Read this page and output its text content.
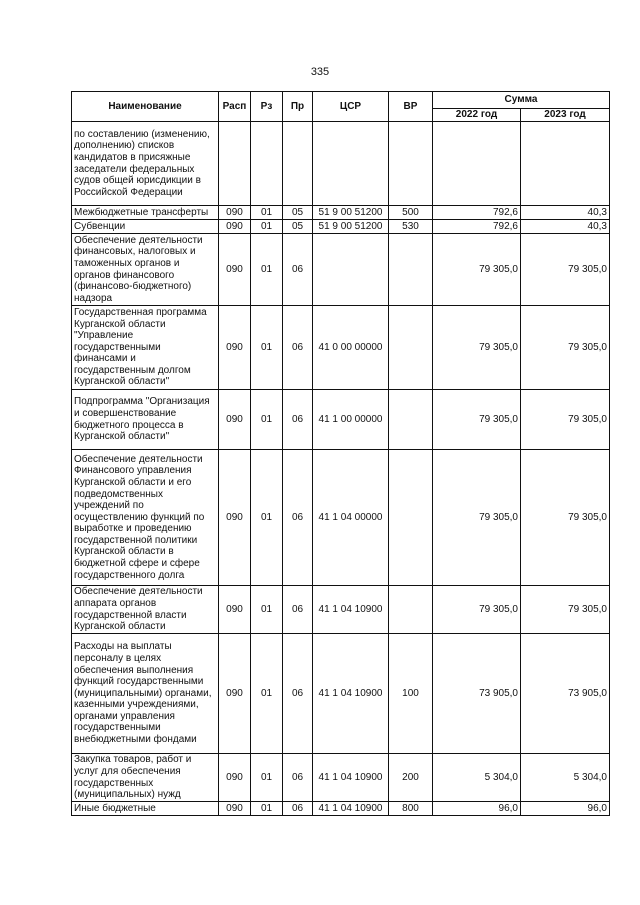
335
Наименование	Расп	Рз	Пр	ЦСР	ВР	Сумма	
						2022 год	2023 год
по составлению (изменению, дополнению) списков кандидатов в присяжные заседатели федеральных судов общей юрисдикции в Российской Федерации							
Межбюджетные трансферты	090	01	05	51 9 00 51200	500	792,6	40,3
Субвенции	090	01	05	51 9 00 51200	530	792,6	40,3
Обеспечение деятельности финансовых, налоговых и таможенных органов и органов финансового (финансово-бюджетного) надзора	090	01	06			79 305,0	79 305,0
Государственная программа Курганской области "Управление государственными финансами и государственным долгом Курганской области"	090	01	06	41 0 00 00000		79 305,0	79 305,0
Подпрограмма "Организация и совершенствование бюджетного процесса в Курганской области"	090	01	06	41 1 00 00000		79 305,0	79 305,0
Обеспечение деятельности Финансового управления Курганской области и его подведомственных учреждений по осуществлению функций по выработке и проведению государственной политики Курганской области в бюджетной сфере и сфере государственного долга	090	01	06	41 1 04 00000		79 305,0	79 305,0
Обеспечение деятельности аппарата органов государственной власти Курганской области	090	01	06	41 1 04 10900		79 305,0	79 305,0
Расходы на выплаты персоналу в целях обеспечения выполнения функций государственными (муниципальными) органами, казенными учреждениями, органами управления государственными внебюджетными фондами	090	01	06	41 1 04 10900	100	73 905,0	73 905,0
Закупка товаров, работ и услуг для обеспечения государственных (муниципальных) нужд	090	01	06	41 1 04 10900	200	5 304,0	5 304,0
Иные бюджетные	090	01	06	41 1 04 10900	800	96,0	96,0
